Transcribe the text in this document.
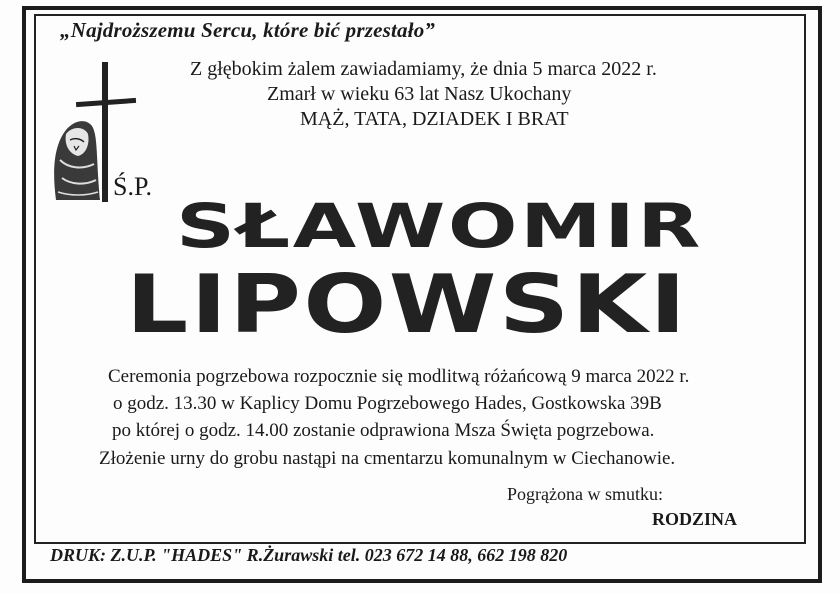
„Najdroższemu Sercu, które bić przestało”
Z głębokim żalem zawiadamiamy, że dnia 5 marca 2022 r.
Zmarł w wieku 63 lat Nasz Ukochany
MĄŻ, TATA, DZIADEK I BRAT
Ś.P.
SŁAWOMIR
LIPOWSKI
Ceremonia pogrzebowa rozpocznie się modlitwą różańcową 9 marca 2022 r.
o godz. 13.30 w Kaplicy Domu Pogrzebowego Hades, Gostkowska 39B
po której o godz. 14.00 zostanie odprawiona Msza Święta pogrzebowa.
Złożenie urny do grobu nastąpi na cmentarzu komunalnym w Ciechanowie.
Pogrążona w smutku:
RODZINA
DRUK: Z.U.P. "HADES" R.Żurawski tel. 023 672 14 88, 662 198 820
